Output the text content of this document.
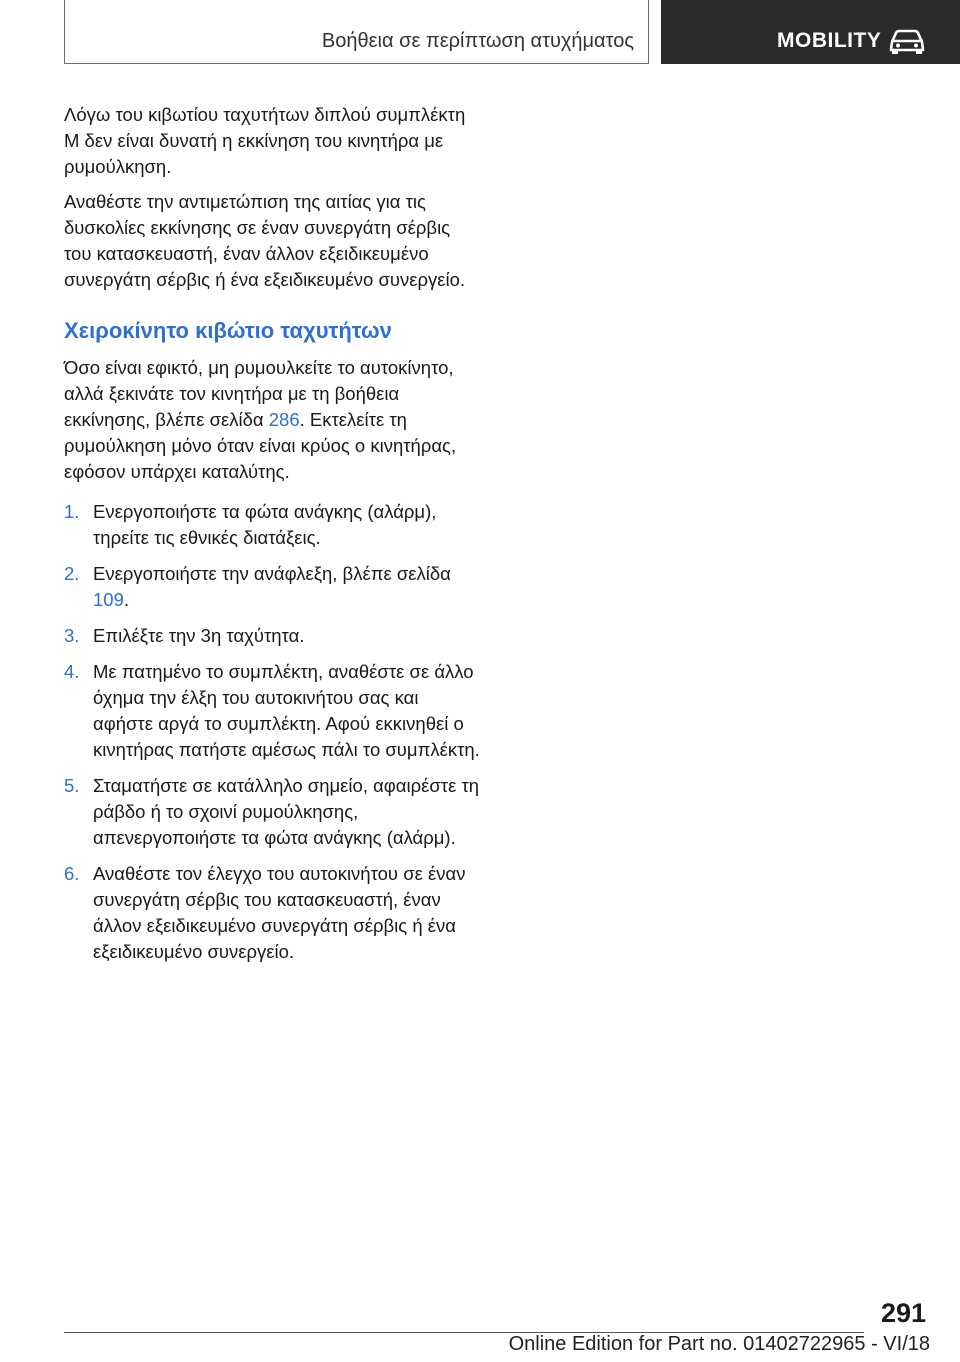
Βοήθεια σε περίπτωση ατυχήματος	MOBILITY

Λόγω του κιβωτίου ταχυτήτων διπλού συμπλέκτη M δεν είναι δυνατή η εκκίνηση του κινητήρα με ρυμούλκηση.

Αναθέστε την αντιμετώπιση της αιτίας για τις δυσκολίες εκκίνησης σε έναν συνεργάτη σέρβις του κατασκευαστή, έναν άλλον εξειδικευμένο συνεργάτη σέρβις ή ένα εξειδικευμένο συνεργείο.

Χειροκίνητο κιβώτιο ταχυτήτων

Όσο είναι εφικτό, μη ρυμουλκείτε το αυτοκίνητο, αλλά ξεκινάτε τον κινητήρα με τη βοήθεια εκκίνησης, βλέπε σελίδα 286. Εκτελείτε τη ρυμούλκηση μόνο όταν είναι κρύος ο κινητήρας, εφόσον υπάρχει καταλύτης.

1. Ενεργοποιήστε τα φώτα ανάγκης (αλάρμ), τηρείτε τις εθνικές διατάξεις.
2. Ενεργοποιήστε την ανάφλεξη, βλέπε σελίδα 109.
3. Επιλέξτε την 3η ταχύτητα.
4. Με πατημένο το συμπλέκτη, αναθέστε σε άλλο όχημα την έλξη του αυτοκινήτου σας και αφήστε αργά το συμπλέκτη. Αφού εκκινηθεί ο κινητήρας πατήστε αμέσως πάλι το συμπλέκτη.
5. Σταματήστε σε κατάλληλο σημείο, αφαιρέστε τη ράβδο ή το σχοινί ρυμούλκησης, απενεργοποιήστε τα φώτα ανάγκης (αλάρμ).
6. Αναθέστε τον έλεγχο του αυτοκινήτου σε έναν συνεργάτη σέρβις του κατασκευαστή, έναν άλλον εξειδικευμένο συνεργάτη σέρβις ή ένα εξειδικευμένο συνεργείο.
291
Online Edition for Part no. 01402722965 - VI/18
